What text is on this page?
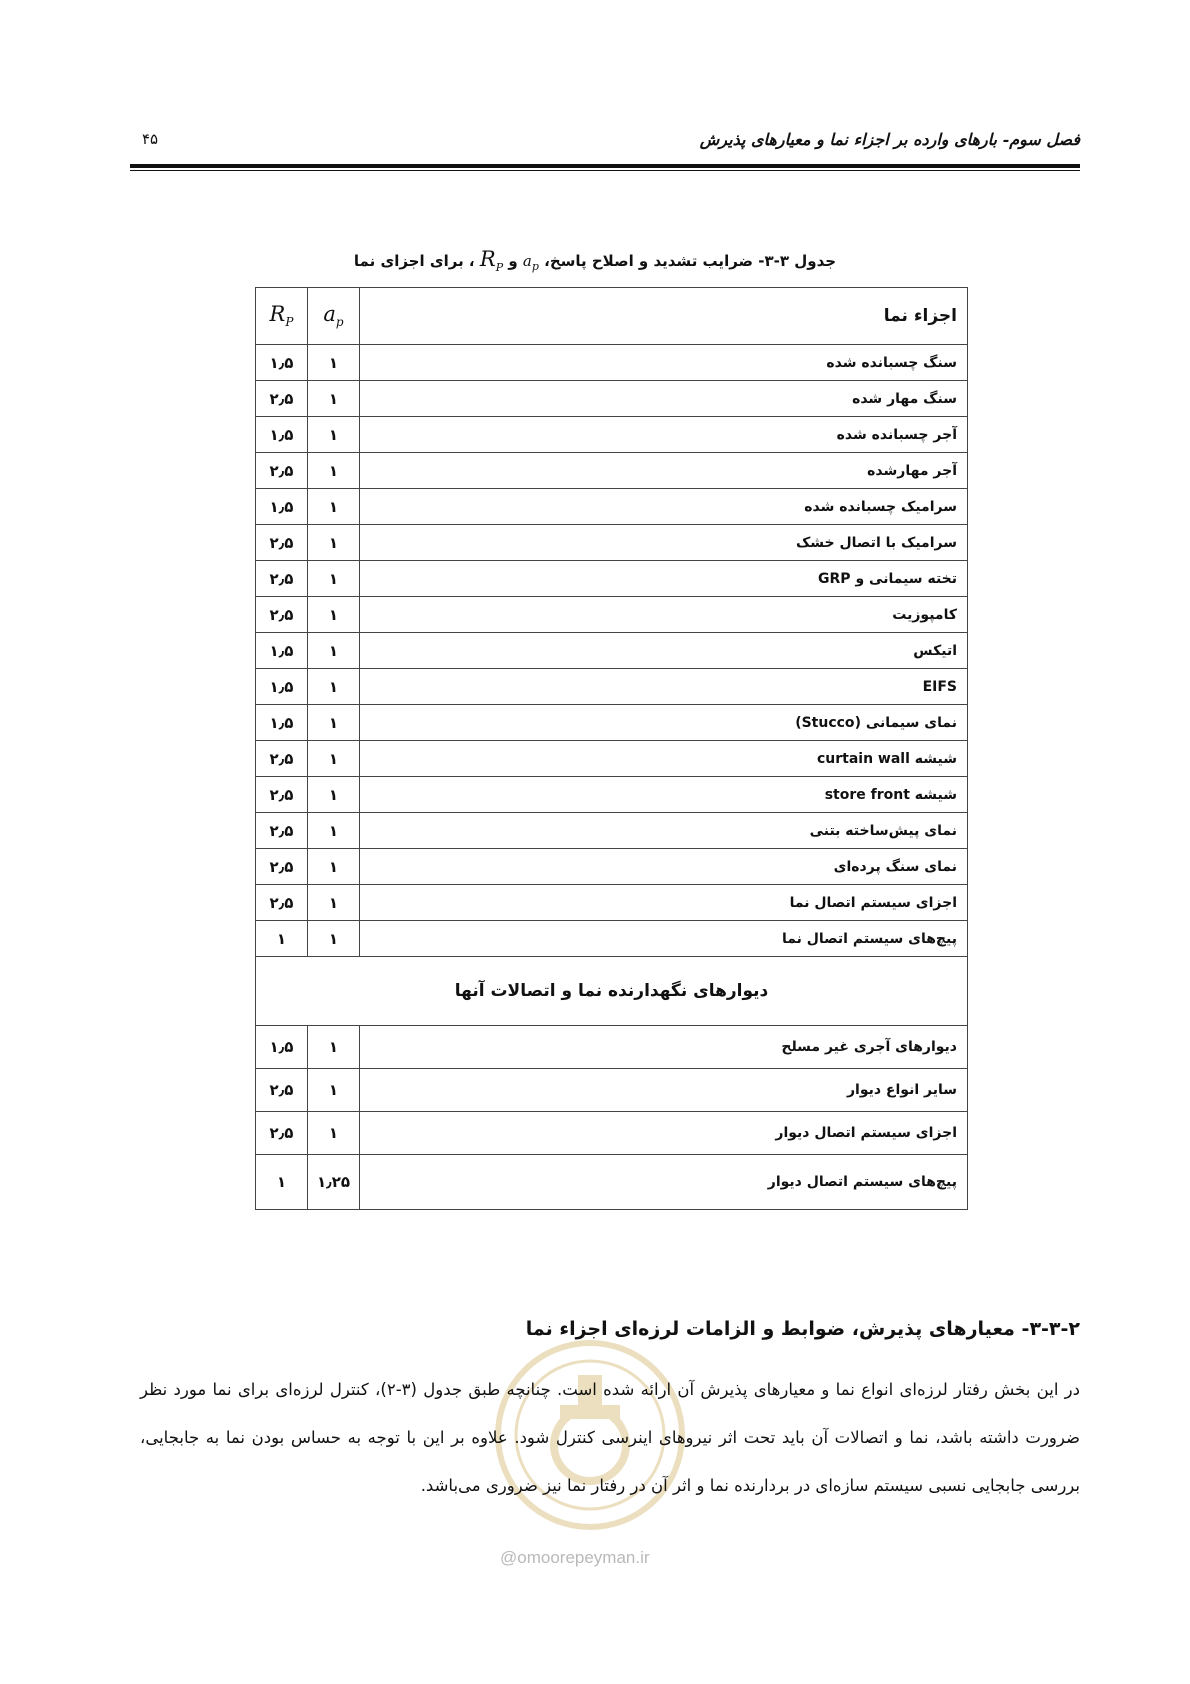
فصل سوم- بارهای وارده بر اجزاء نما و معیارهای پذیرش
۴۵
جدول ۳-۳- ضرایب تشدید و اصلاح پاسخ، $a_p$ و $R_P$ ، برای اجزای نما
اجزاء نما	$a_p$	$R_P$
سنگ چسبانده شده	۱	۱٫۵
سنگ مهار شده	۱	۲٫۵
آجر چسبانده شده	۱	۱٫۵
آجر مهارشده	۱	۲٫۵
سرامیک چسبانده شده	۱	۱٫۵
سرامیک با اتصال خشک	۱	۲٫۵
تخته سیمانی و GRP	۱	۲٫۵
کامپوزیت	۱	۲٫۵
اتیکس	۱	۱٫۵
EIFS	۱	۱٫۵
نمای سیمانی (Stucco)	۱	۱٫۵
شیشه curtain wall	۱	۲٫۵
شیشه store front	۱	۲٫۵
نمای پیش‌ساخته بتنی	۱	۲٫۵
نمای سنگ پرده‌ای	۱	۲٫۵
اجزای سیستم اتصال نما	۱	۲٫۵
پیچ‌های سیستم اتصال نما	۱	۱
دیوارهای نگهدارنده نما و اتصالات آنها		
دیوارهای آجری غیر مسلح	۱	۱٫۵
سایر انواع دیوار	۱	۲٫۵
اجزای سیستم اتصال دیوار	۱	۲٫۵
پیچ‌های سیستم اتصال دیوار	۱٫۲۵	۱
@omoorepeyman.ir
۳-۳-۲- معیارهای پذیرش، ضوابط و الزامات لرزه‌ای اجزاء نما
در این بخش رفتار لرزه‌ای انواع نما و معیارهای پذیرش آن ارائه شده است. چنانچه طبق جدول (۳-۲)، کنترل لرزه‌ای برای نما مورد نظر ضرورت داشته باشد، نما و اتصالات آن باید تحت اثر نیروهای اینرسی کنترل شود. علاوه بر این با توجه به حساس بودن نما به جابجایی، بررسی جابجایی نسبی سیستم سازه‌ای در بردارنده نما و اثر آن در رفتار نما نیز ضروری می‌باشد.
